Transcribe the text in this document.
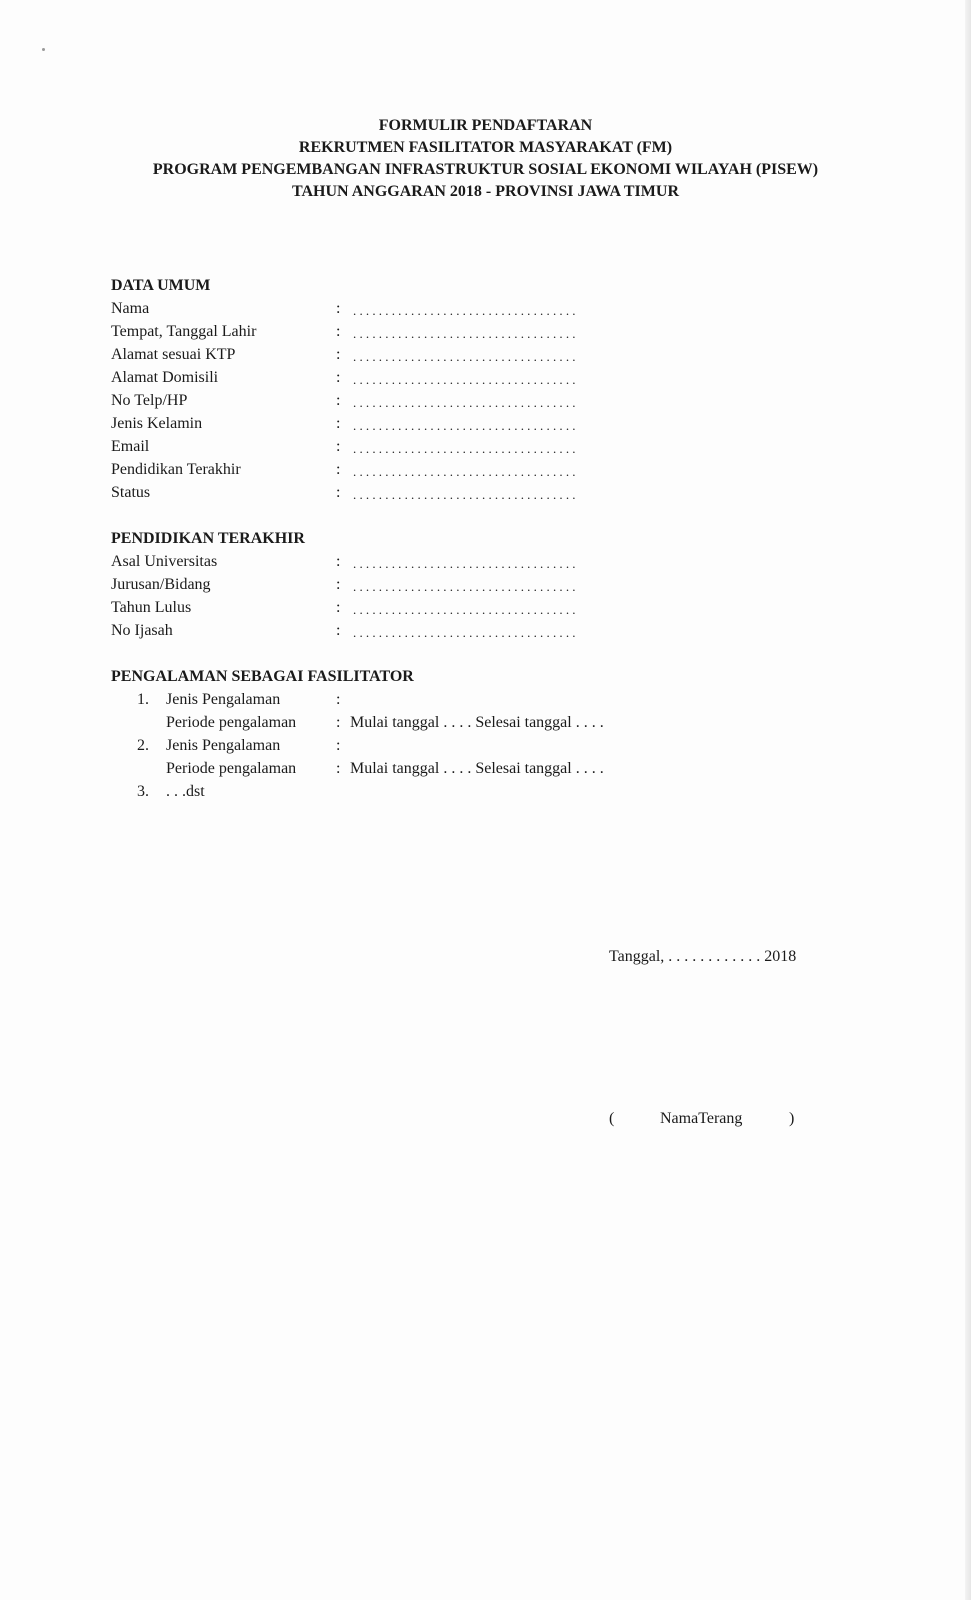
FORMULIR PENDAFTARAN
REKRUTMEN FASILITATOR MASYARAKAT (FM)
PROGRAM PENGEMBANGAN INFRASTRUKTUR SOSIAL EKONOMI WILAYAH (PISEW)
TAHUN ANGGARAN 2018 - PROVINSI JAWA TIMUR
DATA UMUM
Nama	: ...................................
Tempat, Tanggal Lahir	: ...................................
Alamat sesuai KTP	: ...................................
Alamat Domisili	: ...................................
No Telp/HP	: ...................................
Jenis Kelamin	: ...................................
Email	: ...................................
Pendidikan Terakhir	: ...................................
Status	: ...................................
PENDIDIKAN TERAKHIR
Asal Universitas	: ...................................
Jurusan/Bidang	: ...................................
Tahun Lulus	: ...................................
No Ijasah	: ...................................
PENGALAMAN SEBAGAI FASILITATOR
1. Jenis Pengalaman	:
Periode pengalaman : Mulai tanggal . . . . Selesai tanggal . . . .
2. Jenis Pengalaman	:
Periode pengalaman : Mulai tanggal . . . . Selesai tanggal . . . .
3. . . .dst
Tanggal, . . . . . . . . . . . . 2018
(	NamaTerang	)
